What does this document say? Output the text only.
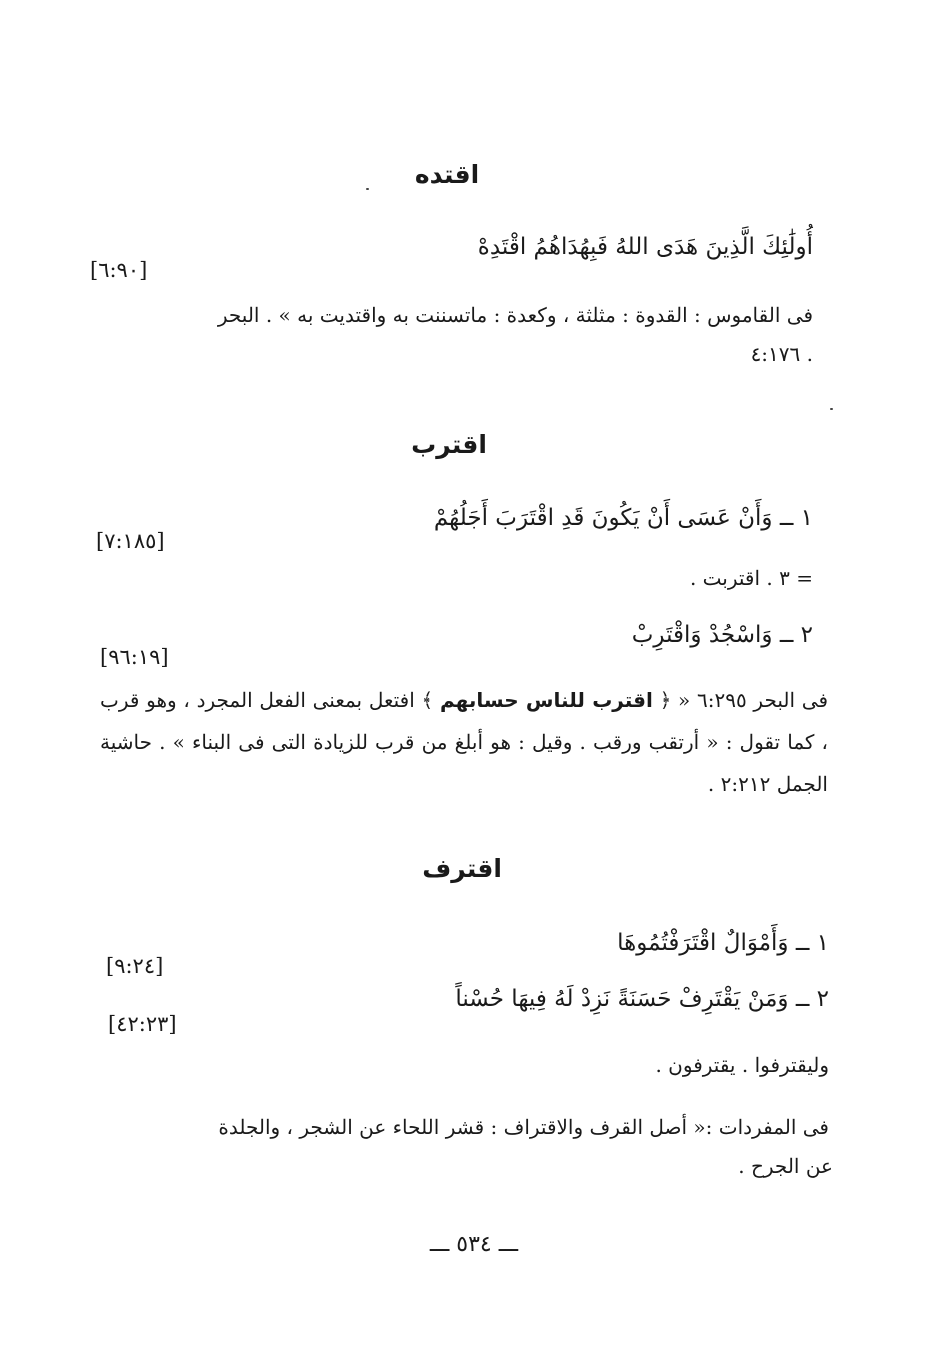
اقتده
أُولَٰئِكَ الَّذِينَ هَدَى اللهُ فَبِهُدَاهُمُ اقْتَدِهْ
[٦:٩٠]
فى القاموس : القدوة : مثلثة ، وكعدة : ماتسننت به واقتديت به » . البحر
٤:١٧٦ .
اقترب
١ ــ وَأَنْ عَسَى أَنْ يَكُونَ قَدِ اقْتَرَبَ أَجَلُهُمْ
[٧:١٨٥]
= ٣ . اقتربت .
٢ ــ وَاسْجُدْ وَاقْتَرِبْ
[٩٦:١٩]
فى البحر ٦:٢٩٥ « ﴿ اقترب للناس حسابهم ﴾ افتعل بمعنى الفعل المجرد ، وهو قرب ، كما تقول : « أرتقب ورقب . وقيل : هو أبلغ من قرب للزيادة التى فى البناء » . حاشية الجمل ٢:٢١٢ .
اقترف
١ ــ وَأَمْوَالٌ اقْتَرَفْتُمُوهَا
[٩:٢٤]
٢ ــ وَمَنْ يَقْتَرِفْ حَسَنَةً نَزِدْ لَهُ فِيهَا حُسْناً
[٤٢:٢٣]
وليقترفوا . يقترفون .
فى المفردات :« أصل القرف والاقتراف : قشر اللحاء عن الشجر ، والجلدة
عن الجرح .
ـــ ٥٣٤ ـــ
